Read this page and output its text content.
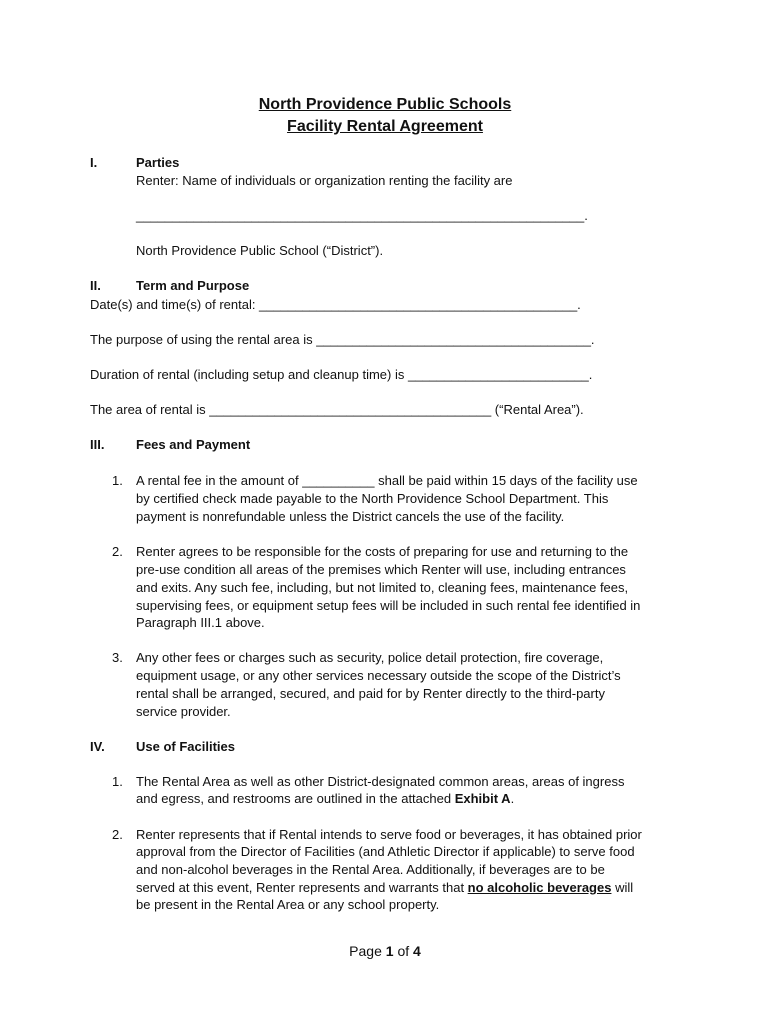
North Providence Public Schools
Facility Rental Agreement
I.	Parties
Renter: Name of individuals or organization renting the facility are
______________________________________________________________.
North Providence Public School (“District”).
II.	Term and Purpose
Date(s) and time(s) of rental: ____________________________________________.
The purpose of using the rental area is ______________________________________.
Duration of rental (including setup and cleanup time) is _________________________.
The area of rental is _______________________________________ (“Rental Area”).
III. Fees and Payment
1. A rental fee in the amount of __________ shall be paid within 15 days of the facility use
by certified check made payable to the North Providence School Department. This
payment is nonrefundable unless the District cancels the use of the facility.
2. Renter agrees to be responsible for the costs of preparing for use and returning to the
pre-use condition all areas of the premises which Renter will use, including entrances
and exits. Any such fee, including, but not limited to, cleaning fees, maintenance fees,
supervising fees, or equipment setup fees will be included in such rental fee identified in
Paragraph III.1 above.
3. Any other fees or charges such as security, police detail protection, fire coverage,
equipment usage, or any other services necessary outside the scope of the District’s
rental shall be arranged, secured, and paid for by Renter directly to the third-party
service provider.
IV. Use of Facilities
1. The Rental Area as well as other District-designated common areas, areas of ingress
and egress, and restrooms are outlined in the attached Exhibit A.
2. Renter represents that if Rental intends to serve food or beverages, it has obtained prior
approval from the Director of Facilities (and Athletic Director if applicable) to serve food
and non-alcohol beverages in the Rental Area. Additionally, if beverages are to be
served at this event, Renter represents and warrants that no alcoholic beverages will
be present in the Rental Area or any school property.
Page 1 of 4
